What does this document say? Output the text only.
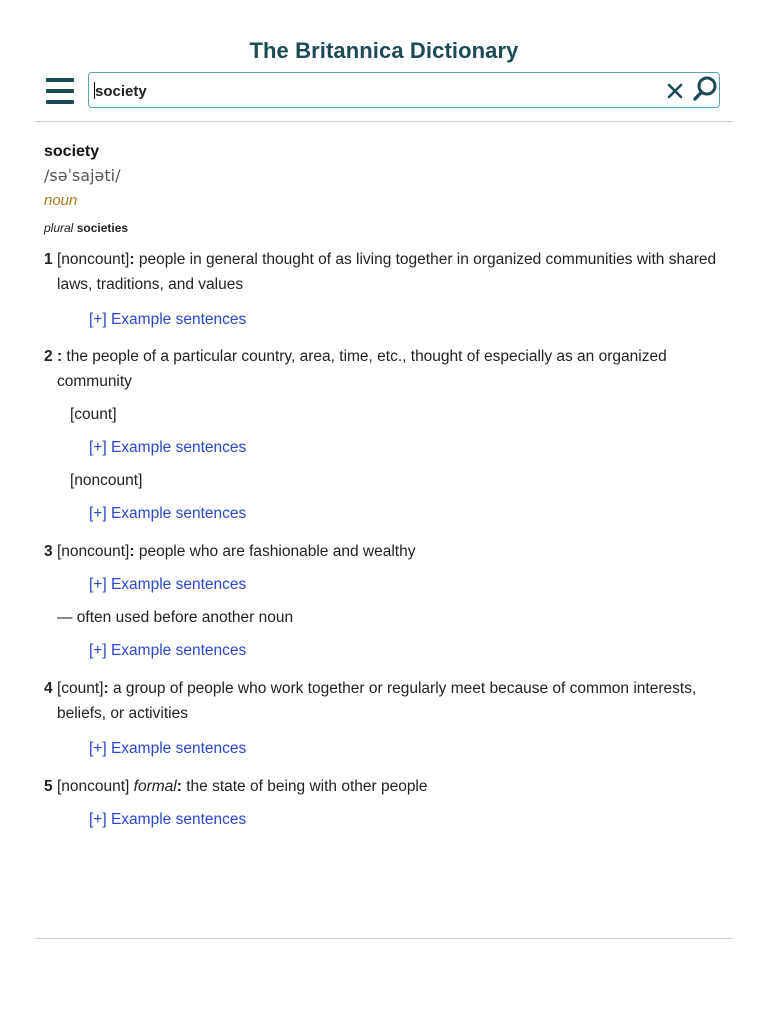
The Britannica Dictionary
society
society
/səˈsajəti/
noun
plural societies
1 [noncount]: people in general thought of as living together in organized communities with shared laws, traditions, and values
[+] Example sentences
2 : the people of a particular country, area, time, etc., thought of especially as an organized community
[count]
[+] Example sentences
[noncount]
[+] Example sentences
3 [noncount]: people who are fashionable and wealthy
[+] Example sentences
— often used before another noun
[+] Example sentences
4 [count]: a group of people who work together or regularly meet because of common interests, beliefs, or activities
[+] Example sentences
5 [noncount] formal: the state of being with other people
[+] Example sentences
